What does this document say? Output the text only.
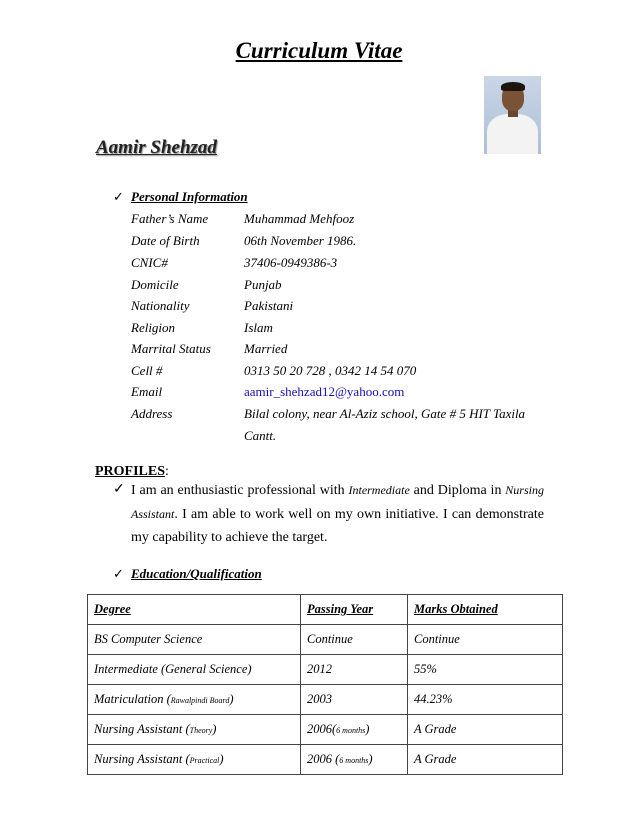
Curriculum Vitae
Aamir Shehzad
✓ Personal Information
Father’s Name	Muhammad Mehfooz
Date of Birth	06th November 1986.
CNIC#	37406-0949386-3
Domicile	Punjab
Nationality	Pakistani
Religion	Islam
Marrital Status	Married
Cell #	0313 50 20 728 , 0342 14 54 070
Email	aamir_shehzad12@yahoo.com
Address	Bilal colony, near Al-Aziz school, Gate # 5 HIT Taxila
Cantt.
PROFILES:
✓ I am an enthusiastic professional with Intermediate and Diploma in Nursing Assistant. I am able to work well on my own initiative. I can demonstrate my capability to achieve the target.
✓ Education/Qualification
Degree	Passing Year	Marks Obtained
BS Computer Science	Continue	Continue
Intermediate (General Science)	2012	55%
Matriculation (Rawalpindi Board)	2003	44.23%
Nursing Assistant (Theory)	2006(6 months)	A Grade
Nursing Assistant (Practical)	2006 (6 months)	A Grade
